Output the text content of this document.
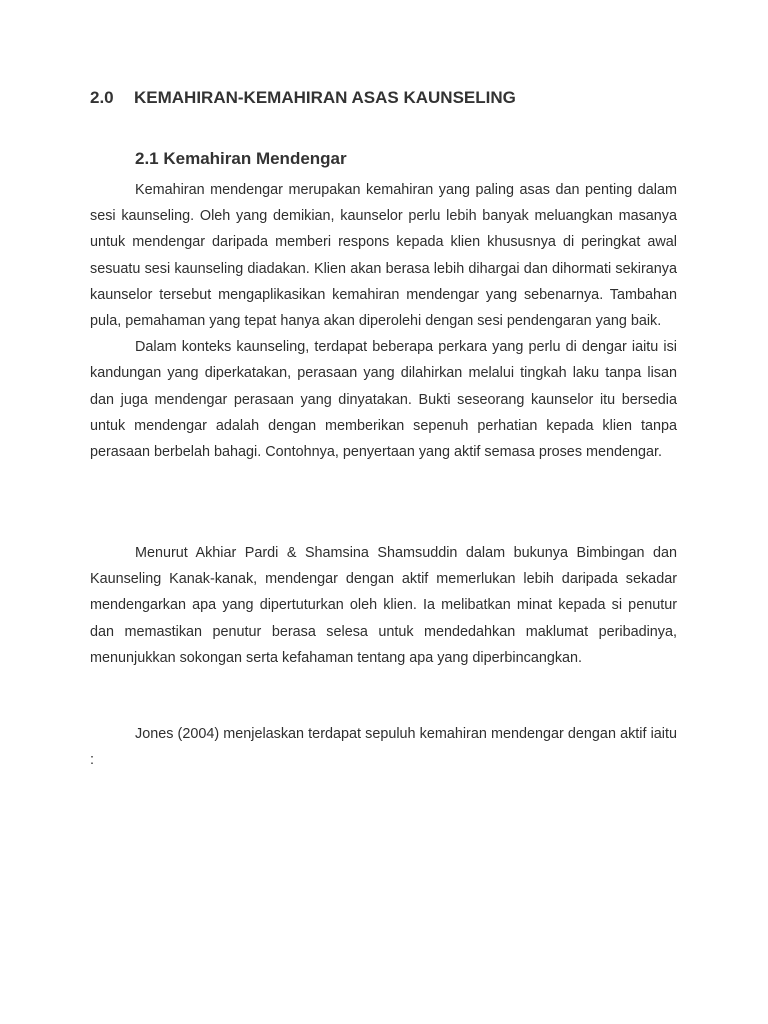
2.0 KEMAHIRAN-KEMAHIRAN ASAS KAUNSELING
2.1 Kemahiran Mendengar

Kemahiran mendengar merupakan kemahiran yang paling asas dan penting dalam sesi kaunseling. Oleh yang demikian, kaunselor perlu lebih banyak meluangkan masanya untuk mendengar daripada memberi respons kepada klien khususnya di peringkat awal sesuatu sesi kaunseling diadakan. Klien akan berasa lebih dihargai dan dihormati sekiranya kaunselor tersebut mengaplikasikan kemahiran mendengar yang sebenarnya. Tambahan pula, pemahaman yang tepat hanya akan diperolehi dengan sesi pendengaran yang baik.

Dalam konteks kaunseling, terdapat beberapa perkara yang perlu di dengar iaitu isi kandungan yang diperkatakan, perasaan yang dilahirkan melalui tingkah laku tanpa lisan dan juga mendengar perasaan yang dinyatakan. Bukti seseorang kaunselor itu bersedia untuk mendengar adalah dengan memberikan sepenuh perhatian kepada klien tanpa perasaan berbelah bahagi. Contohnya, penyertaan yang aktif semasa proses mendengar.

Menurut Akhiar Pardi & Shamsina Shamsuddin dalam bukunya Bimbingan dan Kaunseling Kanak-kanak, mendengar dengan aktif memerlukan lebih daripada sekadar mendengarkan apa yang dipertuturkan oleh klien. Ia melibatkan minat kepada si penutur dan memastikan penutur berasa selesa untuk mendedahkan maklumat peribadinya, menunjukkan sokongan serta kefahaman tentang apa yang diperbincangkan.

Jones (2004) menjelaskan terdapat sepuluh kemahiran mendengar dengan aktif iaitu :
